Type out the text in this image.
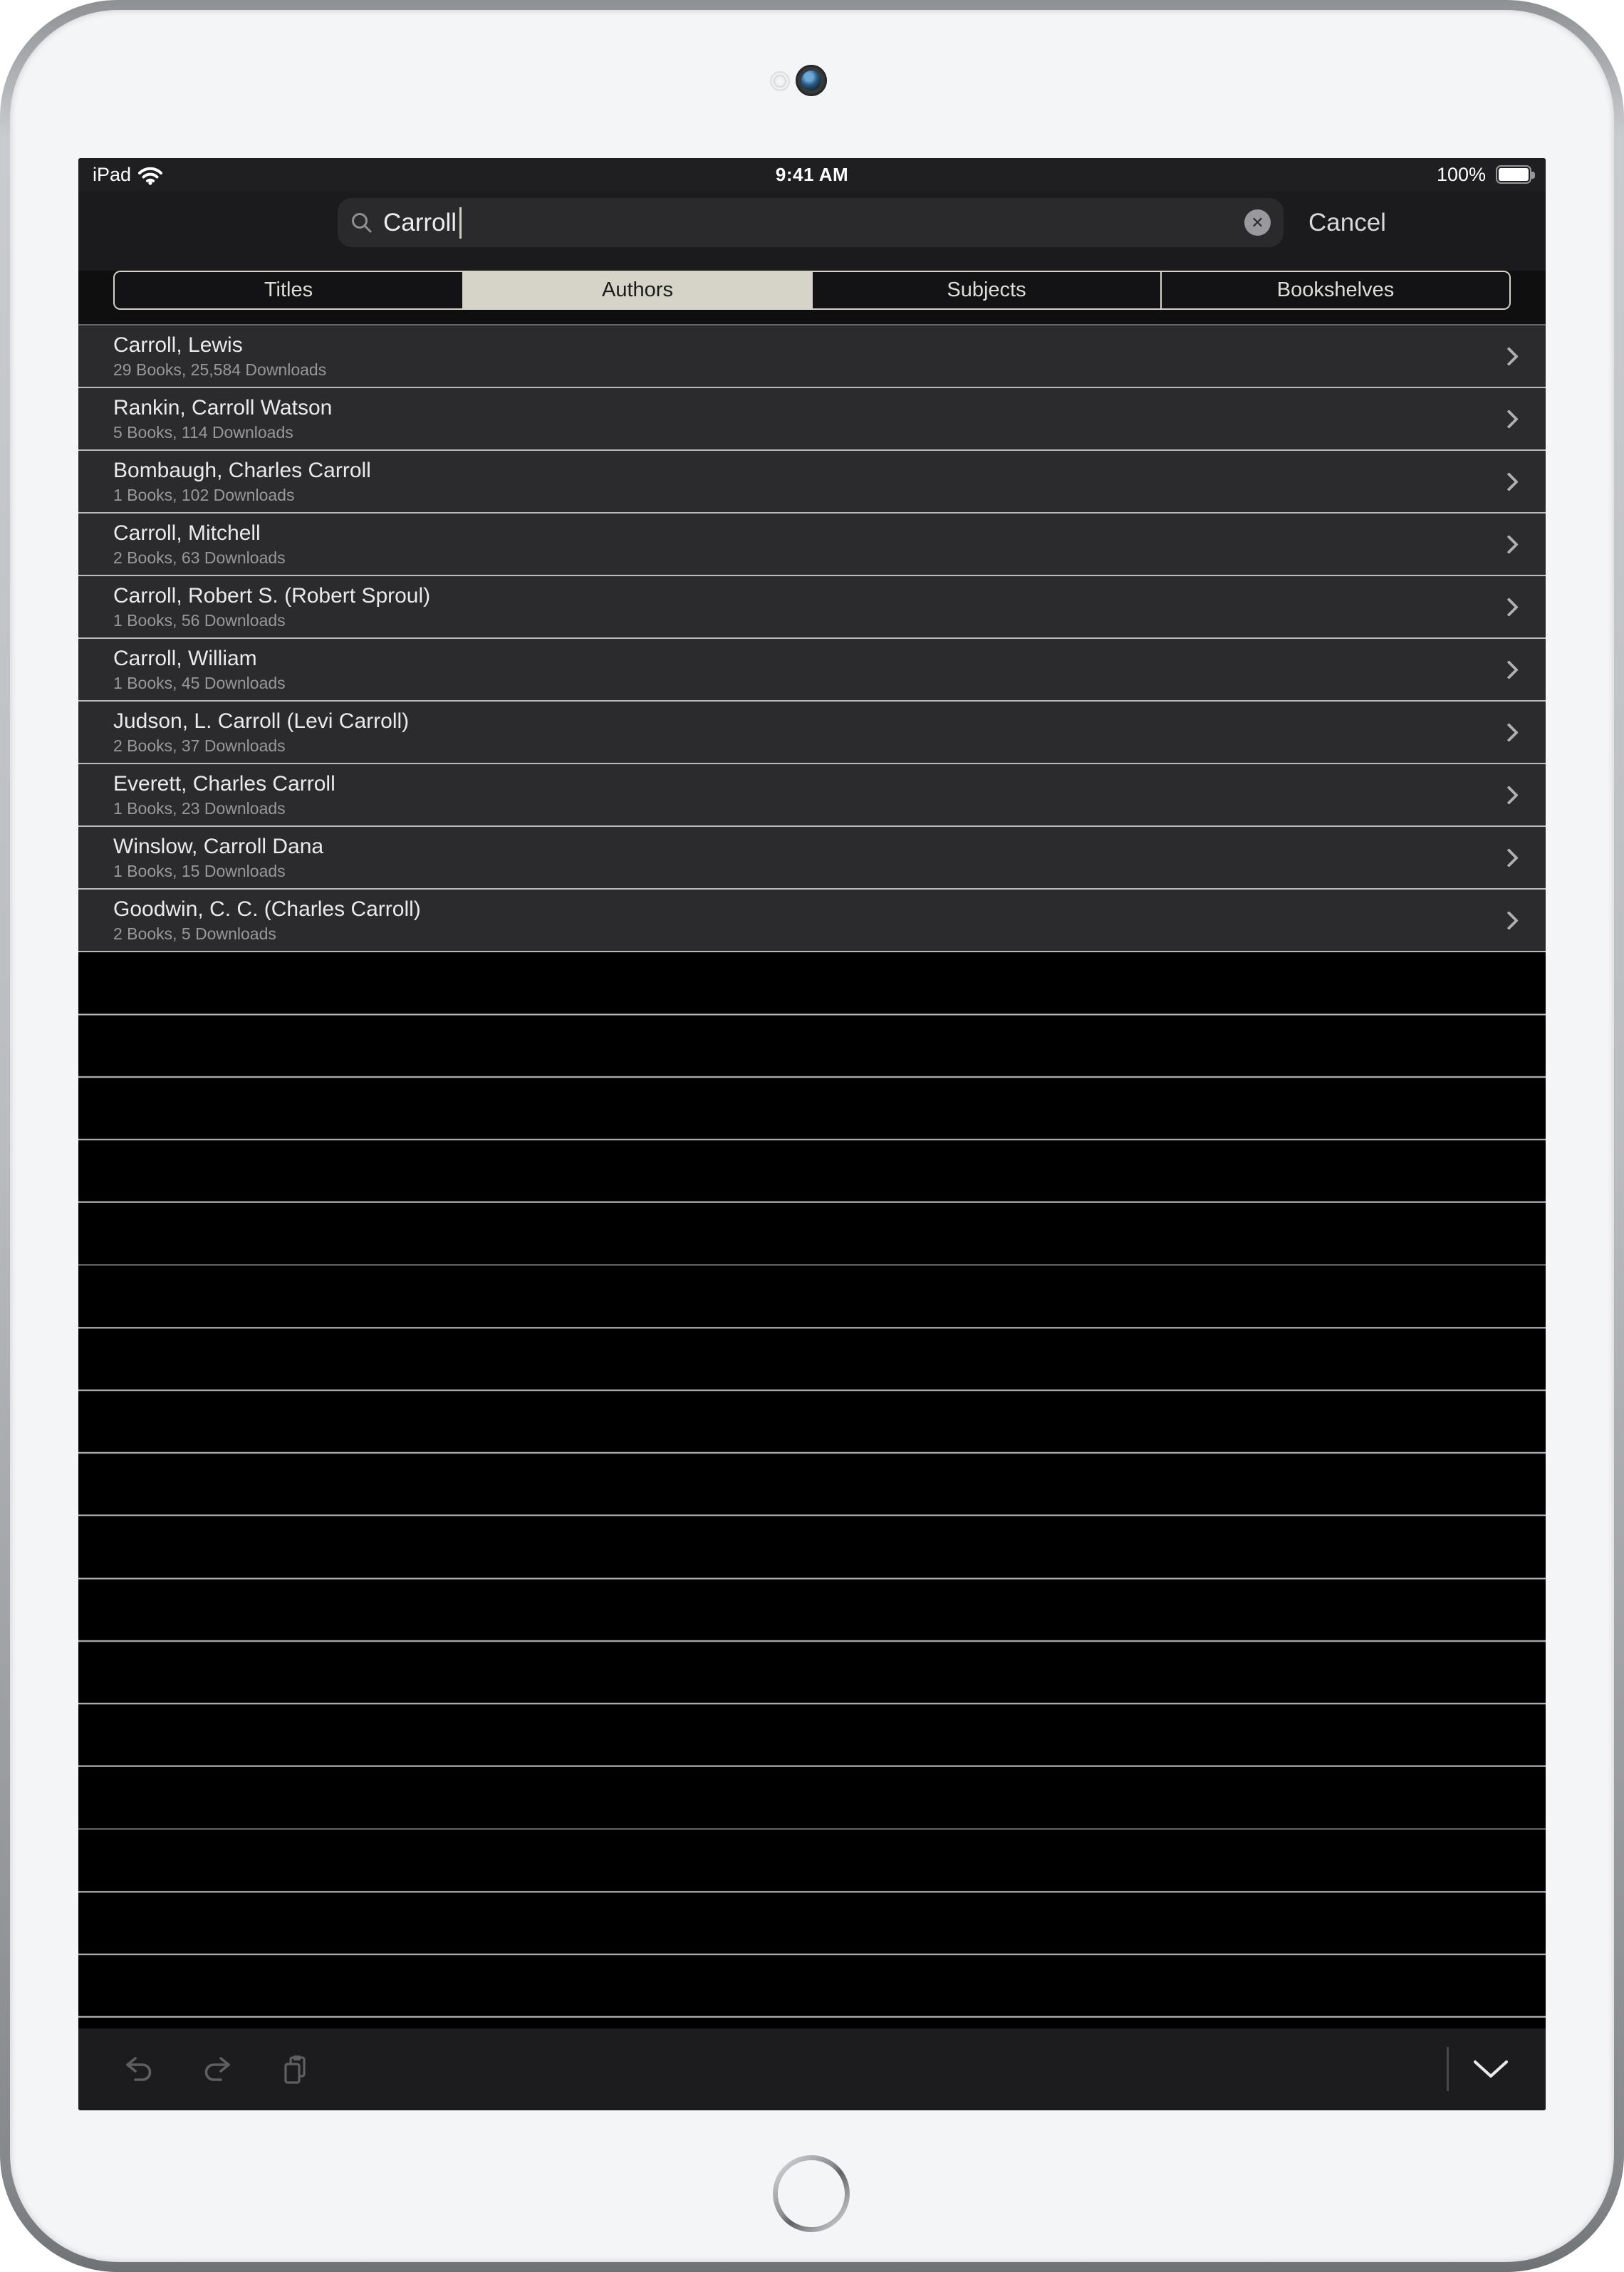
iPad	9:41 AM	100%
Carroll	✕ Cancel
Titles	Authors	Subjects	Bookshelves
Carroll, Lewis
29 Books, 25,584 Downloads
Rankin, Carroll Watson
5 Books, 114 Downloads
Bombaugh, Charles Carroll
1 Books, 102 Downloads
Carroll, Mitchell
2 Books, 63 Downloads
Carroll, Robert S. (Robert Sproul)
1 Books, 56 Downloads
Carroll, William
1 Books, 45 Downloads
Judson, L. Carroll (Levi Carroll)
2 Books, 37 Downloads
Everett, Charles Carroll
1 Books, 23 Downloads
Winslow, Carroll Dana
1 Books, 15 Downloads
Goodwin, C. C. (Charles Carroll)
2 Books, 5 Downloads
